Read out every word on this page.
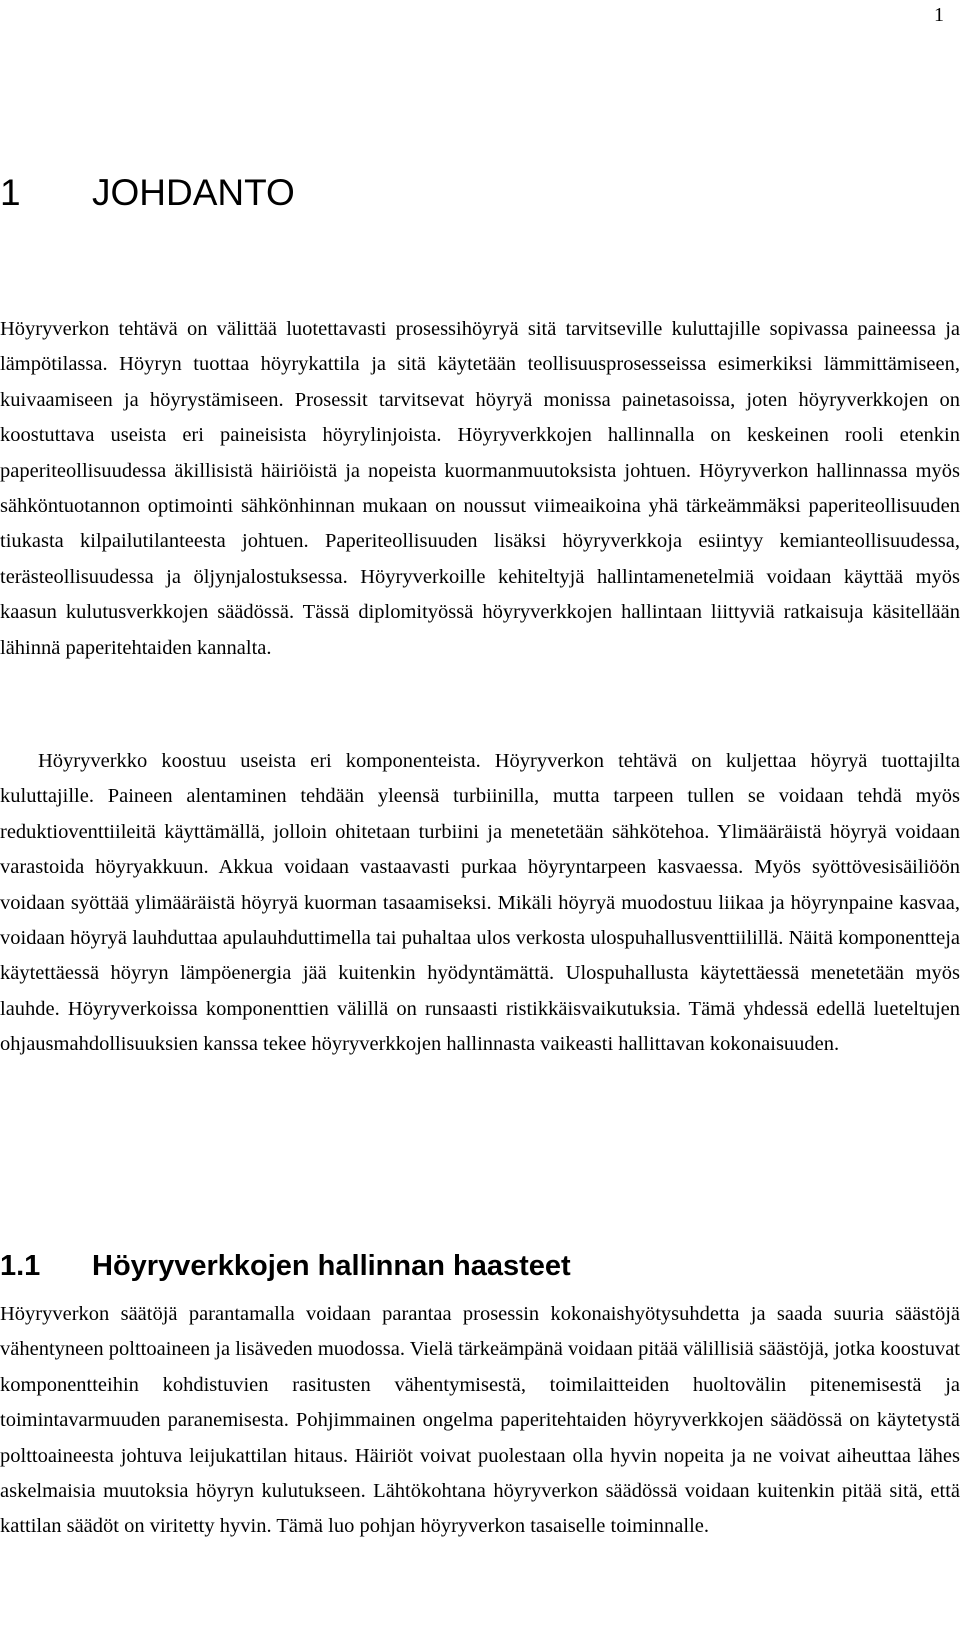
1
1	JOHDANTO

Höyryverkon tehtävä on välittää luotettavasti prosessihöyryä sitä tarvitseville kuluttajille sopivassa paineessa ja lämpötilassa. Höyryn tuottaa höyrykattila ja sitä käytetään teollisuusprosesseissa esimerkiksi lämmittämiseen, kuivaamiseen ja höyrystämiseen. Prosessit tarvitsevat höyryä monissa painetasoissa, joten höyryverkkojen on koostuttava useista eri paineisista höyrylinjoista. Höyryverkkojen hallinnalla on keskeinen rooli etenkin paperiteollisuudessa äkillisistä häiriöistä ja nopeista kuormanmuutoksista johtuen. Höyryverkon hallinnassa myös sähköntuotannon optimointi sähkönhinnan mukaan on noussut viimeaikoina yhä tärkeämmäksi paperiteollisuuden tiukasta kilpailutilanteesta johtuen. Paperiteollisuuden lisäksi höyryverkkoja esiintyy kemianteollisuudessa, terästeollisuudessa ja öljynjalostuksessa. Höyryverkoille kehiteltyjä hallintamenetelmiä voidaan käyttää myös kaasun kulutusverkkojen säädössä. Tässä diplomityössä höyryverkkojen hallintaan liittyviä ratkaisuja käsitellään lähinnä paperitehtaiden kannalta.

Höyryverkko koostuu useista eri komponenteista. Höyryverkon tehtävä on kuljettaa höyryä tuottajilta kuluttajille. Paineen alentaminen tehdään yleensä turbiinilla, mutta tarpeen tullen se voidaan tehdä myös reduktioventtiileitä käyttämällä, jolloin ohitetaan turbiini ja menetetään sähkötehoa. Ylimääräistä höyryä voidaan varastoida höyryakkuun. Akkua voidaan vastaavasti purkaa höyryntarpeen kasvaessa. Myös syöttövesisäiliöön voidaan syöttää ylimääräistä höyryä kuorman tasaamiseksi. Mikäli höyryä muodostuu liikaa ja höyrynpaine kasvaa, voidaan höyryä lauhduttaa apulauhduttimella tai puhaltaa ulos verkosta ulospuhallusventtiilillä. Näitä komponentteja käytettäessä höyryn lämpöenergia jää kuitenkin hyödyntämättä. Ulospuhallusta käytettäessä menetetään myös lauhde. Höyryverkoissa komponenttien välillä on runsaasti ristikkäisvaikutuksia. Tämä yhdessä edellä lueteltujen ohjausmahdollisuuksien kanssa tekee höyryverkkojen hallinnasta vaikeasti hallittavan kokonaisuuden.

1.1	Höyryverkkojen hallinnan haasteet

Höyryverkon säätöjä parantamalla voidaan parantaa prosessin kokonaishyötysuhdetta ja saada suuria säästöjä vähentyneen polttoaineen ja lisäveden muodossa. Vielä tärkeämpänä voidaan pitää välillisiä säästöjä, jotka koostuvat komponentteihin kohdistuvien rasitusten vähentymisestä, toimilaitteiden huoltovälin pitenemisestä ja toimintavarmuuden paranemisesta. Pohjimmainen ongelma paperitehtaiden höyryverkkojen säädössä on käytetystä polttoaineesta johtuva leijukattilan hitaus. Häiriöt voivat puolestaan olla hyvin nopeita ja ne voivat aiheuttaa lähes askelmaisia muutoksia höyryn kulutukseen. Lähtökohtana höyryverkon säädössä voidaan kuitenkin pitää sitä, että kattilan säädöt on viritetty hyvin. Tämä luo pohjan höyryverkon tasaiselle toiminnalle.
